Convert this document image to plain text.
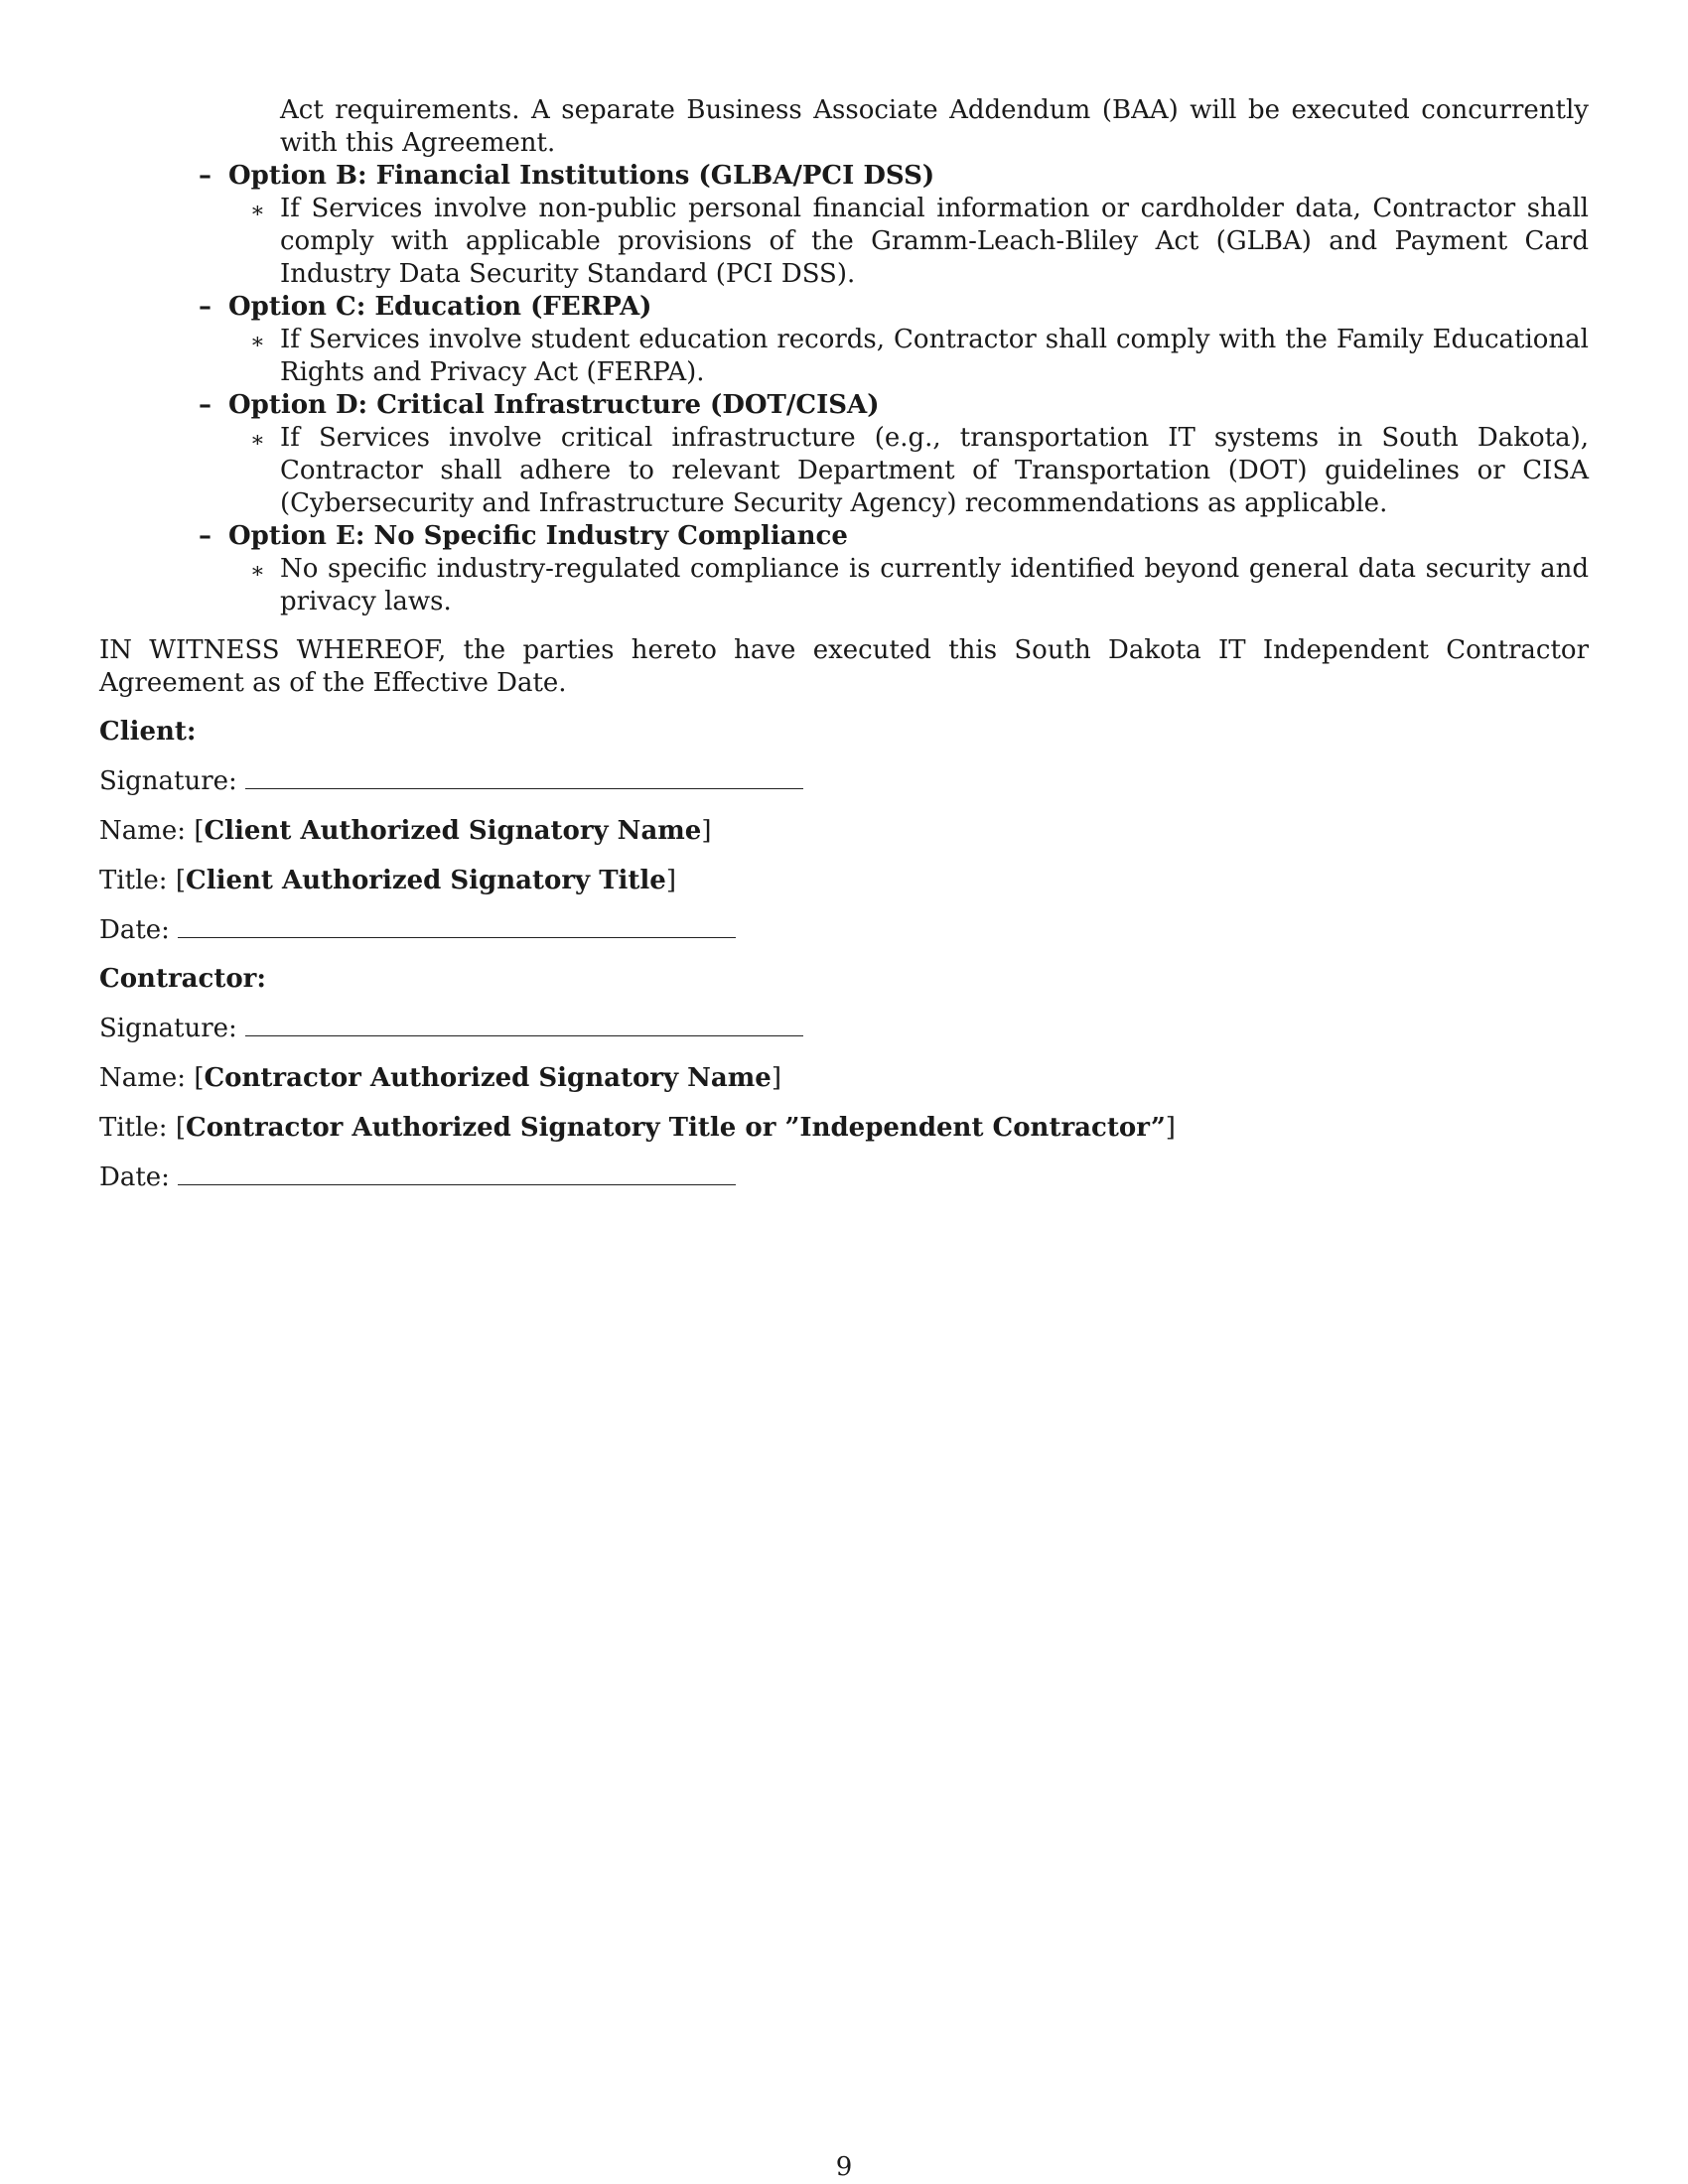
Act requirements. A separate Business Associate Addendum (BAA) will be executed concurrently with this Agreement.
– Option B: Financial Institutions (GLBA/PCI DSS)
∗ If Services involve non-public personal financial information or cardholder data, Contractor shall comply with applicable provisions of the Gramm-Leach-Bliley Act (GLBA) and Payment Card Industry Data Security Standard (PCI DSS).
– Option C: Education (FERPA)
∗ If Services involve student education records, Contractor shall comply with the Family Educational Rights and Privacy Act (FERPA).
– Option D: Critical Infrastructure (DOT/CISA)
∗ If Services involve critical infrastructure (e.g., transportation IT systems in South Dakota), Contractor shall adhere to relevant Department of Transportation (DOT) guidelines or CISA (Cybersecurity and Infrastructure Security Agency) recommendations as applicable.
– Option E: No Specific Industry Compliance
∗ No specific industry-regulated compliance is currently identified beyond general data security and privacy laws.
IN WITNESS WHEREOF, the parties hereto have executed this South Dakota IT Independent Contractor Agreement as of the Effective Date.
Client:
Signature:
Name: [Client Authorized Signatory Name]
Title: [Client Authorized Signatory Title]
Date:
Contractor:
Signature:
Name: [Contractor Authorized Signatory Name]
Title: [Contractor Authorized Signatory Title or ”Independent Contractor”]
Date:
9
